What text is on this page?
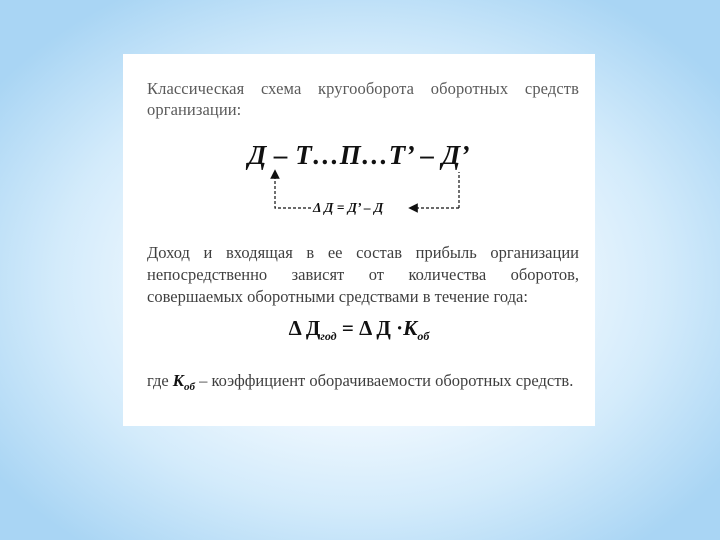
Классическая схема кругооборота оборотных средств организации:
Д – Т…П…Т’ – Д’
Δ Д = Д’ – Д
Доход и входящая в ее состав прибыль организации непосредственно зависят от количества оборотов, совершаемых оборотными средствами в течение года:
Δ $Д_{год} = \Delta$ $Д \cdot К_{об}$
где $К_{об}$ – коэффициент оборачиваемости оборотных средств.
